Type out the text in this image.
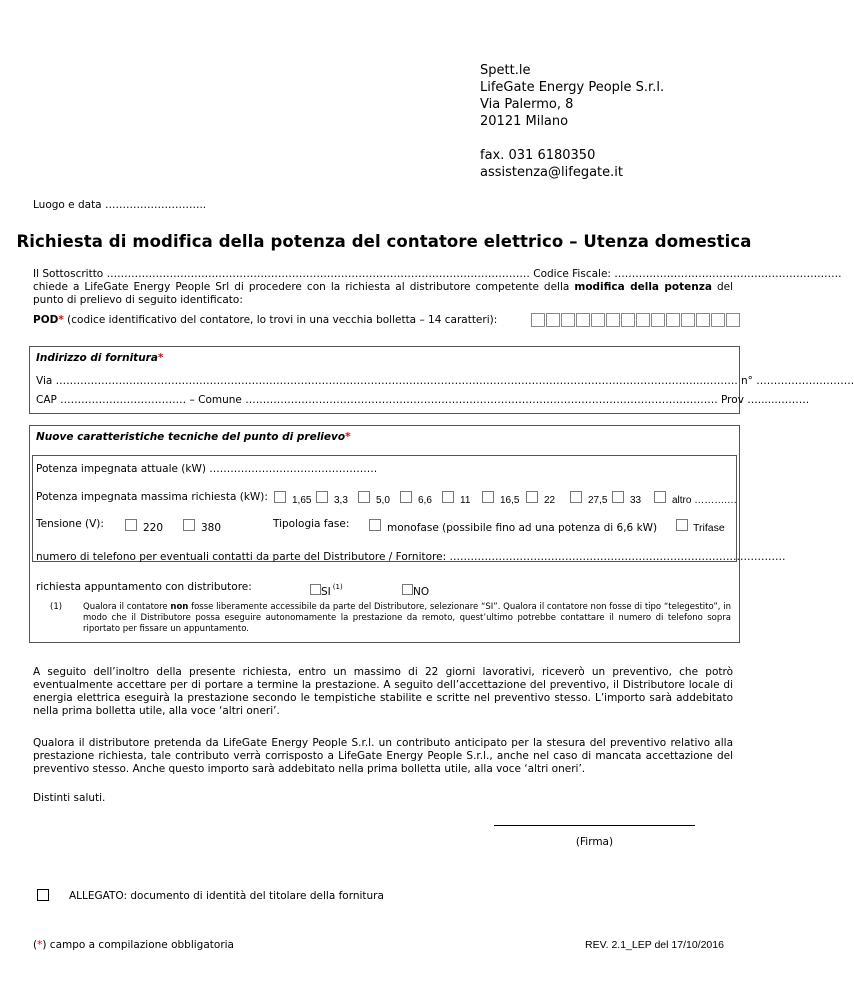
Spett.le
LifeGate Energy People S.r.l.
Via Palermo, 8
20121 Milano
fax. 031 6180350
assistenza@lifegate.it
Luogo e data ………………………..
Richiesta di modifica della potenza del contatore elettrico – Utenza domestica
Il Sottoscritto ………………………….……………………………………………………………………………… Codice Fiscale: ……………………….……………………………….
chiede a LifeGate Energy People Srl di procedere con la richiesta al distributore competente della modifica della potenza del punto di prelievo di seguito identificato:
POD* (codice identificativo del contatore, lo trovi in una vecchia bolletta – 14 caratteri):
Indirizzo di fornitura*
Via …………………………………………………………………………………………………………………………………………………………………..………. n° ……………………….
CAP ……………………………… – Comune ……………………………………………………………………………………………………………………… Prov …......………
Nuove caratteristiche tecniche del punto di prelievo*
Potenza impegnata attuale (kW) …………………………………………
Potenza impegnata massima richiesta (kW):	1,65	3,3	5,0	6,6	11	16,5	22	27,5	33	altro ……….…
Tensione (V):	220	380	Tipologia fase:	monofase (possibile fino ad una potenza di 6,6 kW)	Trifase
numero di telefono per eventuali contatti da parte del Distributore / Fornitore: ……………………………………………………………………………………
richiesta appuntamento con distributore:	SI $^{(1)}$	NO
(1) Qualora il contatore non fosse liberamente accessibile da parte del Distributore, selezionare “SI”. Qualora il contatore non fosse di tipo “telegestito”, in modo che il Distributore possa eseguire autonomamente la prestazione da remoto, quest’ultimo potrebbe contattare il numero di telefono sopra riportato per fissare un appuntamento.
A seguito dell’inoltro della presente richiesta, entro un massimo di 22 giorni lavorativi, riceverò un preventivo, che potrò eventualmente accettare per di portare a termine la prestazione. A seguito dell’accettazione del preventivo, il Distributore locale di energia elettrica eseguirà la prestazione secondo le tempistiche stabilite e scritte nel preventivo stesso. L’importo sarà addebitato nella prima bolletta utile, alla voce ‘altri oneri’.
Qualora il distributore pretenda da LifeGate Energy People S.r.l. un contributo anticipato per la stesura del preventivo relativo alla prestazione richiesta, tale contributo verrà corrisposto a LifeGate Energy People S.r.l., anche nel caso di mancata accettazione del preventivo stesso. Anche questo importo sarà addebitato nella prima bolletta utile, alla voce ‘altri oneri’.
Distinti saluti.
(Firma)
ALLEGATO: documento di identità del titolare della fornitura
(*) campo a compilazione obbligatoria	REV. 2.1_LEP del 17/10/2016
